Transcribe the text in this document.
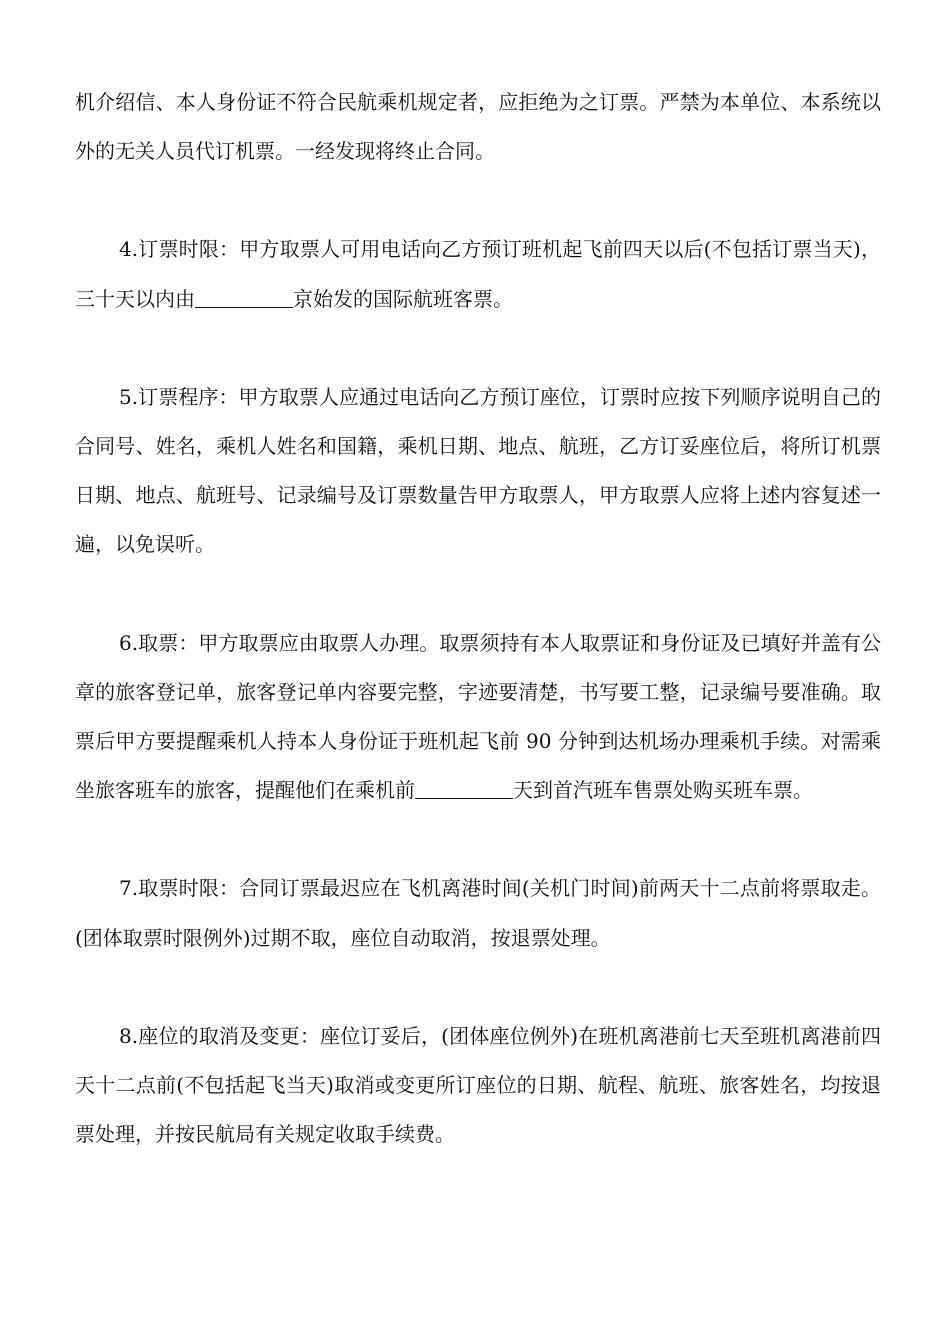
机介绍信、本人身份证不符合民航乘机规定者，应拒绝为之订票。严禁为本单位、本系统以外的无关人员代订机票。一经发现将终止合同。

4.订票时限：甲方取票人可用电话向乙方预订班机起飞前四天以后(不包括订票当天)，三十天以内由	京始发的国际航班客票。

5.订票程序：甲方取票人应通过电话向乙方预订座位，订票时应按下列顺序说明自己的合同号、姓名，乘机人姓名和国籍，乘机日期、地点、航班，乙方订妥座位后，将所订机票日期、地点、航班号、记录编号及订票数量告甲方取票人，甲方取票人应将上述内容复述一遍，以免误听。

6.取票：甲方取票应由取票人办理。取票须持有本人取票证和身份证及已填好并盖有公章的旅客登记单，旅客登记单内容要完整，字迹要清楚，书写要工整，记录编号要准确。取票后甲方要提醒乘机人持本人身份证于班机起飞前 90 分钟到达机场办理乘机手续。对需乘坐旅客班车的旅客，提醒他们在乘机前	天到首汽班车售票处购买班车票。

7.取票时限：合同订票最迟应在飞机离港时间(关机门时间)前两天十二点前将票取走。(团体取票时限例外)过期不取，座位自动取消，按退票处理。

8.座位的取消及变更：座位订妥后，(团体座位例外)在班机离港前七天至班机离港前四天十二点前(不包括起飞当天)取消或变更所订座位的日期、航程、航班、旅客姓名，均按退票处理，并按民航局有关规定收取手续费。
